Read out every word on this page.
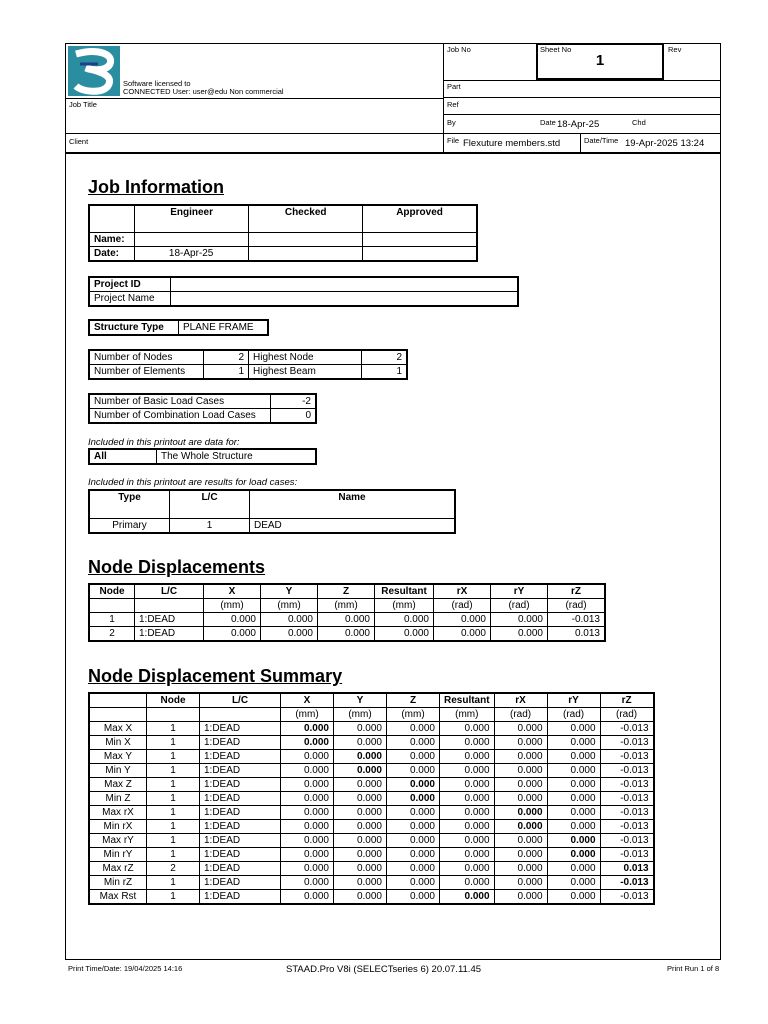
Software licensed to
CONNECTED User: user@edu Non commercial
Job No	Sheet No
1
Rev
Part
Job Title	Ref
By	Date 18-Apr-25	Chd
Client	File Flexuture members.std	Date/Time 19-Apr-2025 13:24
Job Information
	Engineer	Checked	Approved
Name:			
Date:	18-Apr-25		
Project ID	
Project Name	
Structure Type	PLANE FRAME
Number of Nodes	2	Highest Node	2
Number of Elements	1	Highest Beam	1
Number of Basic Load Cases	-2
Number of Combination Load Cases	0
Included in this printout are data for:
All	The Whole Structure
Included in this printout are results for load cases:
Type	L/C	Name
Primary	1	DEAD
Node Displacements
Node	L/C	X	Y	Z	Resultant	rX	rY	rZ
		(mm)	(mm)	(mm)	(mm)	(rad)	(rad)	(rad)
1	1:DEAD	0.000	0.000	0.000	0.000	0.000	0.000	-0.013
2	1:DEAD	0.000	0.000	0.000	0.000	0.000	0.000	0.013
Node Displacement Summary
	Node	L/C	X	Y	Z	Resultant	rX	rY	rZ
			(mm)	(mm)	(mm)	(mm)	(rad)	(rad)	(rad)
Max X	1	1:DEAD	0.000	0.000	0.000	0.000	0.000	0.000	-0.013
Min X	1	1:DEAD	0.000	0.000	0.000	0.000	0.000	0.000	-0.013
Max Y	1	1:DEAD	0.000	0.000	0.000	0.000	0.000	0.000	-0.013
Min Y	1	1:DEAD	0.000	0.000	0.000	0.000	0.000	0.000	-0.013
Max Z	1	1:DEAD	0.000	0.000	0.000	0.000	0.000	0.000	-0.013
Min Z	1	1:DEAD	0.000	0.000	0.000	0.000	0.000	0.000	-0.013
Max rX	1	1:DEAD	0.000	0.000	0.000	0.000	0.000	0.000	-0.013
Min rX	1	1:DEAD	0.000	0.000	0.000	0.000	0.000	0.000	-0.013
Max rY	1	1:DEAD	0.000	0.000	0.000	0.000	0.000	0.000	-0.013
Min rY	1	1:DEAD	0.000	0.000	0.000	0.000	0.000	0.000	-0.013
Max rZ	2	1:DEAD	0.000	0.000	0.000	0.000	0.000	0.000	0.013
Min rZ	1	1:DEAD	0.000	0.000	0.000	0.000	0.000	0.000	-0.013
Max Rst	1	1:DEAD	0.000	0.000	0.000	0.000	0.000	0.000	-0.013
Print Time/Date: 19/04/2025 14:16	STAAD.Pro V8i (SELECTseries 6) 20.07.11.45	Print Run 1 of 8
